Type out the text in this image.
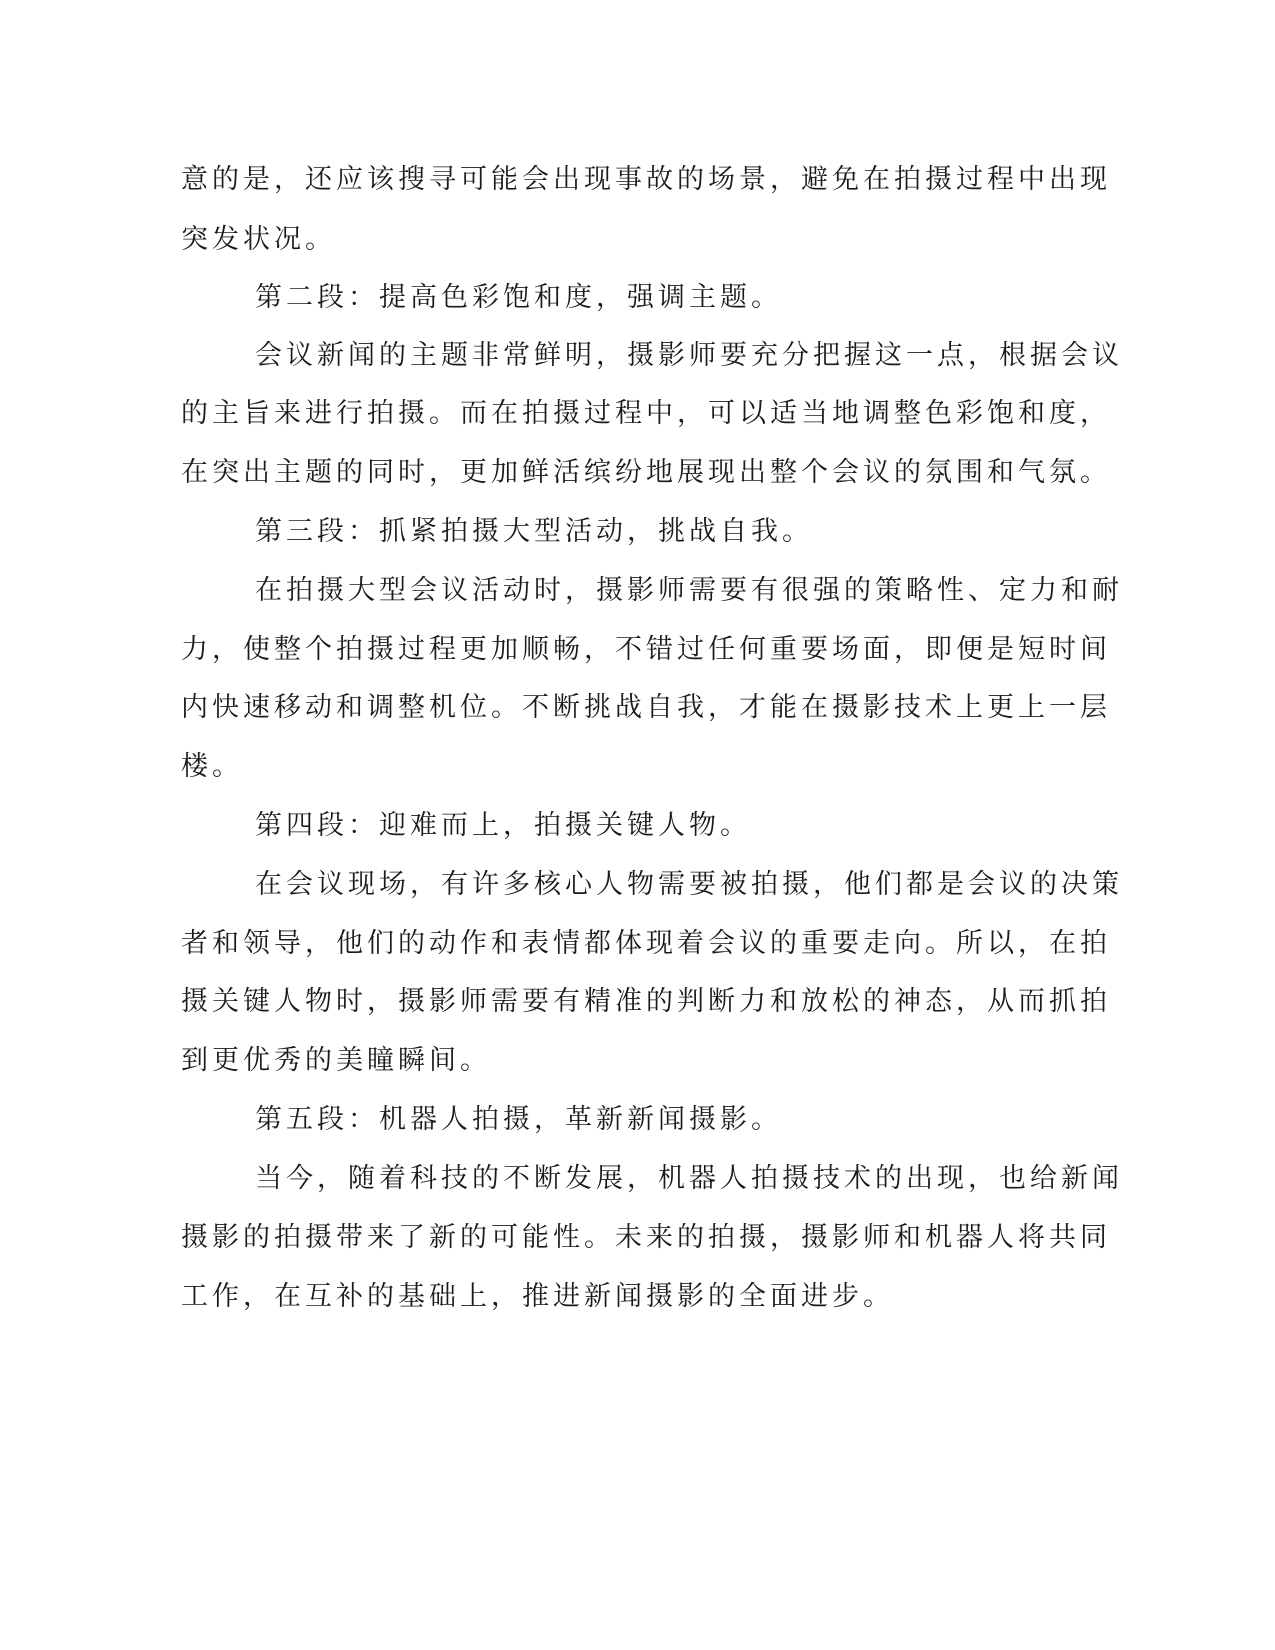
意的是，还应该搜寻可能会出现事故的场景，避免在拍摄过程中出现
突发状况。
第二段：提高色彩饱和度，强调主题。
会议新闻的主题非常鲜明，摄影师要充分把握这一点，根据会议
的主旨来进行拍摄。而在拍摄过程中，可以适当地调整色彩饱和度，
在突出主题的同时，更加鲜活缤纷地展现出整个会议的氛围和气氛。
第三段：抓紧拍摄大型活动，挑战自我。
在拍摄大型会议活动时，摄影师需要有很强的策略性、定力和耐
力，使整个拍摄过程更加顺畅，不错过任何重要场面，即便是短时间
内快速移动和调整机位。不断挑战自我，才能在摄影技术上更上一层
楼。
第四段：迎难而上，拍摄关键人物。
在会议现场，有许多核心人物需要被拍摄，他们都是会议的决策
者和领导，他们的动作和表情都体现着会议的重要走向。所以，在拍
摄关键人物时，摄影师需要有精准的判断力和放松的神态，从而抓拍
到更优秀的美瞳瞬间。
第五段：机器人拍摄，革新新闻摄影。
当今，随着科技的不断发展，机器人拍摄技术的出现，也给新闻
摄影的拍摄带来了新的可能性。未来的拍摄，摄影师和机器人将共同
工作，在互补的基础上，推进新闻摄影的全面进步。
